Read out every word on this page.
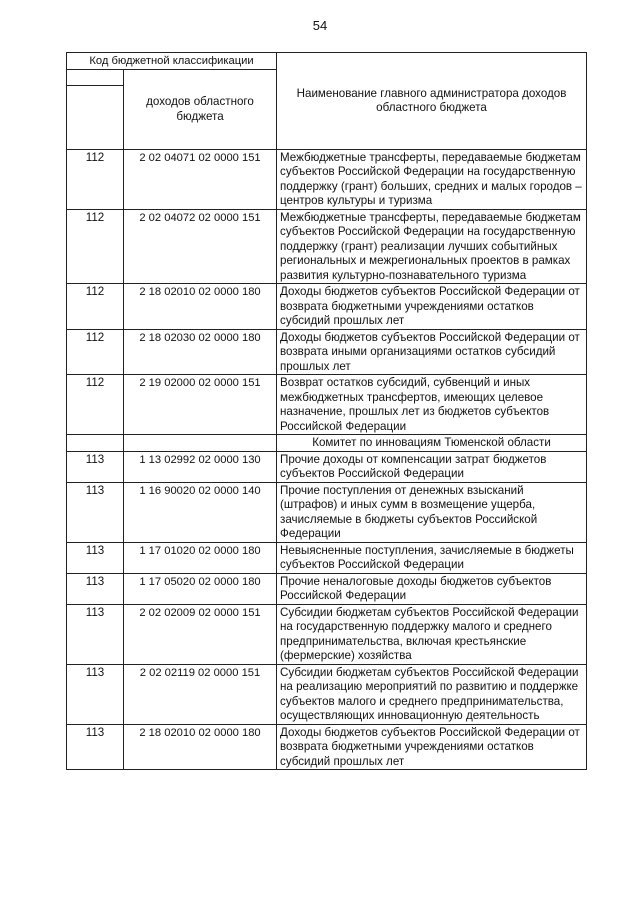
54
Код бюджетной классификации		Наименование главного администратора доходов областного бюджета
	доходов областного бюджета	

112	2 02 04071 02 0000 151	Межбюджетные трансферты, передаваемые бюджетам субъектов Российской Федерации на государственную поддержку (грант) больших, средних и малых городов – центров культуры и туризма
112	2 02 04072 02 0000 151	Межбюджетные трансферты, передаваемые бюджетам субъектов Российской Федерации на государственную поддержку (грант) реализации лучших событийных региональных и межрегиональных проектов в рамках развития культурно-познавательного туризма
112	2 18 02010 02 0000 180	Доходы бюджетов субъектов Российской Федерации от возврата бюджетными учреждениями остатков субсидий прошлых лет
112	2 18 02030 02 0000 180	Доходы бюджетов субъектов Российской Федерации от возврата иными организациями остатков субсидий прошлых лет
112	2 19 02000 02 0000 151	Возврат остатков субсидий, субвенций и иных межбюджетных трансфертов, имеющих целевое назначение, прошлых лет из бюджетов субъектов Российской Федерации
		Комитет по инновациям Тюменской области
113	1 13 02992 02 0000 130	Прочие доходы от компенсации затрат бюджетов субъектов Российской Федерации
113	1 16 90020 02 0000 140	Прочие поступления от денежных взысканий (штрафов) и иных сумм в возмещение ущерба, зачисляемые в бюджеты субъектов Российской Федерации
113	1 17 01020 02 0000 180	Невыясненные поступления, зачисляемые в бюджеты субъектов Российской Федерации
113	1 17 05020 02 0000 180	Прочие неналоговые доходы бюджетов субъектов Российской Федерации
113	2 02 02009 02 0000 151	Субсидии бюджетам субъектов Российской Федерации на государственную поддержку малого и среднего предпринимательства, включая крестьянские (фермерские) хозяйства
113	2 02 02119 02 0000 151	Субсидии бюджетам субъектов Российской Федерации на реализацию мероприятий по развитию и поддержке субъектов малого и среднего предпринимательства, осуществляющих инновационную деятельность
113	2 18 02010 02 0000 180	Доходы бюджетов субъектов Российской Федерации от возврата бюджетными учреждениями остатков субсидий прошлых лет
